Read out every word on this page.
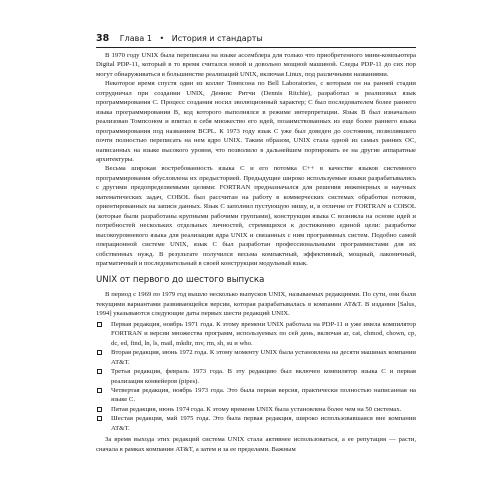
38 Глава 1 • История и стандарты

В 1970 году UNIX была переписана на языке ассемблера для только что приобретенного мини-компьютера Digital PDP-11, который в то время считался новой и довольно мощной машиной. Следы PDP-11 до сих пор могут обнаруживаться в большинстве реализаций UNIX, включая Linux, под различными названиями.

Некоторое время спустя один из коллег Томпсона по Bell Laboratories, с которым он на ранней стадии сотрудничал при создании UNIX, Деннис Ритчи (Dennis Ritchie), разработал и реализовал язык программирования С. Процесс создания носил эволюционный характер; С был последователем более раннего языка программирования В, код которого выполнялся в режиме интерпретации. Язык В был изначально реализован Томпсоном и впитал в себя множество его идей, позаимствованных из еще более раннего языка программирования под названием BCPL. К 1973 году язык С уже был доведен до состояния, позволявшего почти полностью переписать на нем ядро UNIX. Таким образом, UNIX стала одной из самых ранних ОС, написанных на языке высокого уровня, что позволило в дальнейшем портировать ее на другие аппаратные архитектуры.

Весьма широкая востребованность языка С и его потомка С++ в качестве языков системного программирования обусловлена их предысторией. Предыдущие широко используемые языки разрабатывались с другими предопределяемыми целями: FORTRAN предназначался для решения инженерных и научных математических задач, COBOL был рассчитан на работу в коммерческих системах обработки потоков, ориентированных на записи данных. Язык С заполнил пустующую нишу, и, в отличие от FORTRAN и COBOL (которые были разработаны крупными рабочими группами), конструкция языка С возникла на основе идей и потребностей нескольких отдельных личностей, стремящихся к достижению единой цели: разработке высокоуровневого языка для реализации ядра UNIX и связанных с ним программных систем. Подобно самой операционной системе UNIX, язык С был разработан профессиональными программистами для их собственных нужд. В результате получился весьма компактный, эффективный, мощный, лаконичный, прагматичный и последовательный в своей конструкции модульный язык.

UNIX от первого до шестого выпуска

В период с 1969 по 1979 год вышло несколько выпусков UNIX, называемых редакциями. По сути, они были текущими вариантами развивающейся версии, которая разрабатывалась в компании AT&T. В издании [Salus, 1994] указываются следующие даты первых шести редакций UNIX.

Первая редакция, ноябрь 1971 года. К этому времени UNIX работала на PDP-11 и уже имела компилятор FORTRAN и версии множества программ, используемых по сей день, включая ar, cat, chmod, chown, cp, dc, ed, find, ln, ls, mail, mkdir, mv, rm, sh, su и who.
Вторая редакция, июнь 1972 года. К этому моменту UNIX была установлена на десяти машинах компании AT&T.
Третья редакция, февраль 1973 года. В эту редакцию был включен компилятор языка С и первая реализация конвейеров (pipes).
Четвертая редакция, ноябрь 1973 года. Это была первая версия, практически полностью написанная на языке С.
Пятая редакция, июнь 1974 года. К этому времени UNIX была установлена более чем на 50 системах.
Шестая редакция, май 1975 года. Это была первая редакция, широко использовавшаяся вне компании AT&T.

За время выхода этих редакций система UNIX стала активнее использоваться, а ее репутация — расти, сначала в рамках компании AT&T, а затем и за ее пределами. Важным
